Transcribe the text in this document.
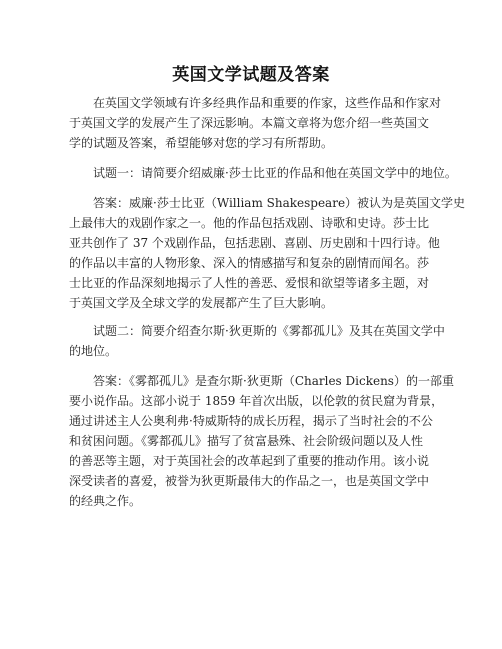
英国文学试题及答案
在英国文学领域有许多经典作品和重要的作家，这些作品和作家对
于英国文学的发展产生了深远影响。本篇文章将为您介绍一些英国文
学的试题及答案，希望能够对您的学习有所帮助。
试题一：请简要介绍威廉·莎士比亚的作品和他在英国文学中的地位。
答案：威廉·莎士比亚（William Shakespeare）被认为是英国文学史
上最伟大的戏剧作家之一。他的作品包括戏剧、诗歌和史诗。莎士比
亚共创作了 37 个戏剧作品，包括悲剧、喜剧、历史剧和十四行诗。他
的作品以丰富的人物形象、深入的情感描写和复杂的剧情而闻名。莎
士比亚的作品深刻地揭示了人性的善恶、爱恨和欲望等诸多主题，对
于英国文学及全球文学的发展都产生了巨大影响。
试题二：简要介绍查尔斯·狄更斯的《雾都孤儿》及其在英国文学中
的地位。
答案：《雾都孤儿》是查尔斯·狄更斯（Charles Dickens）的一部重
要小说作品。这部小说于 1859 年首次出版，以伦敦的贫民窟为背景，
通过讲述主人公奥利弗·特威斯特的成长历程，揭示了当时社会的不公
和贫困问题。《雾都孤儿》描写了贫富悬殊、社会阶级问题以及人性
的善恶等主题，对于英国社会的改革起到了重要的推动作用。该小说
深受读者的喜爱，被誉为狄更斯最伟大的作品之一，也是英国文学中
的经典之作。
